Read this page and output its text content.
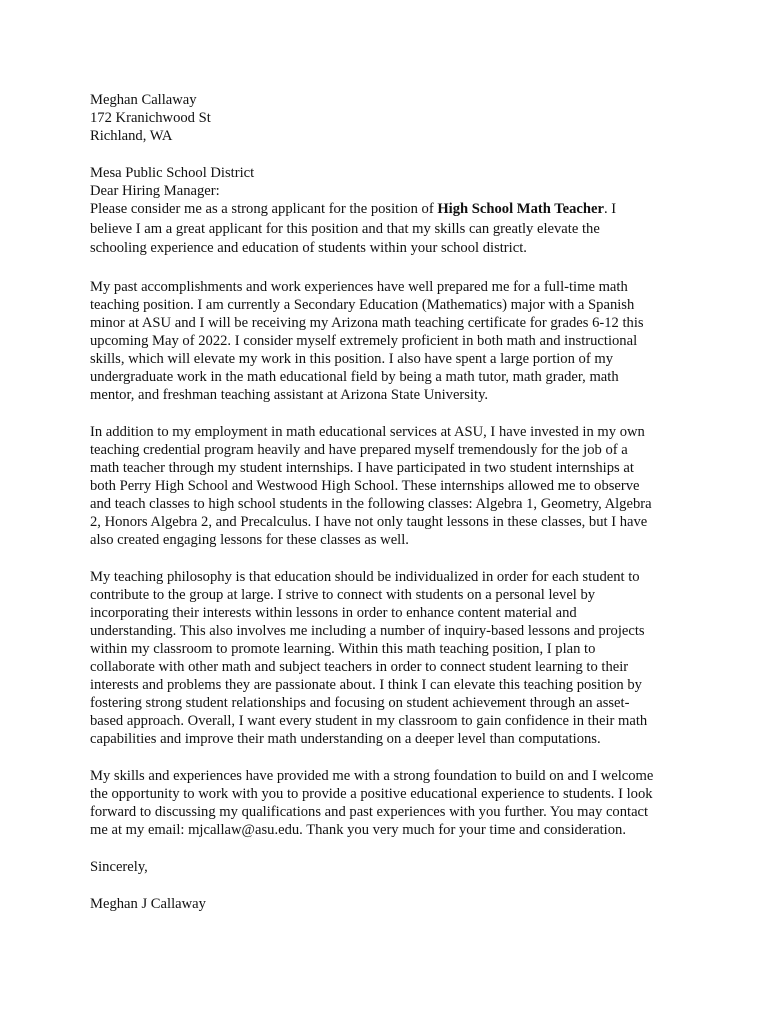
Meghan Callaway
172 Kranichwood St
Richland, WA
Mesa Public School District
Dear Hiring Manager:

Please consider me as a strong applicant for the position of High School Math Teacher. I
believe I am a great applicant for this position and that my skills can greatly elevate the
schooling experience and education of students within your school district.

My past accomplishments and work experiences have well prepared me for a full-time math
teaching position. I am currently a Secondary Education (Mathematics) major with a Spanish
minor at ASU and I will be receiving my Arizona math teaching certificate for grades 6-12 this
upcoming May of 2022. I consider myself extremely proficient in both math and instructional
skills, which will elevate my work in this position. I also have spent a large portion of my
undergraduate work in the math educational field by being a math tutor, math grader, math
mentor, and freshman teaching assistant at Arizona State University.

In addition to my employment in math educational services at ASU, I have invested in my own
teaching credential program heavily and have prepared myself tremendously for the job of a
math teacher through my student internships. I have participated in two student internships at
both Perry High School and Westwood High School. These internships allowed me to observe
and teach classes to high school students in the following classes: Algebra 1, Geometry, Algebra
2, Honors Algebra 2, and Precalculus. I have not only taught lessons in these classes, but I have
also created engaging lessons for these classes as well.

My teaching philosophy is that education should be individualized in order for each student to
contribute to the group at large. I strive to connect with students on a personal level by
incorporating their interests within lessons in order to enhance content material and
understanding. This also involves me including a number of inquiry-based lessons and projects
within my classroom to promote learning. Within this math teaching position, I plan to
collaborate with other math and subject teachers in order to connect student learning to their
interests and problems they are passionate about. I think I can elevate this teaching position by
fostering strong student relationships and focusing on student achievement through an asset-
based approach. Overall, I want every student in my classroom to gain confidence in their math
capabilities and improve their math understanding on a deeper level than computations.

My skills and experiences have provided me with a strong foundation to build on and I welcome
the opportunity to work with you to provide a positive educational experience to students. I look
forward to discussing my qualifications and past experiences with you further. You may contact
me at my email: mjcallaw@asu.edu. Thank you very much for your time and consideration.

Sincerely,
Meghan J Callaway
